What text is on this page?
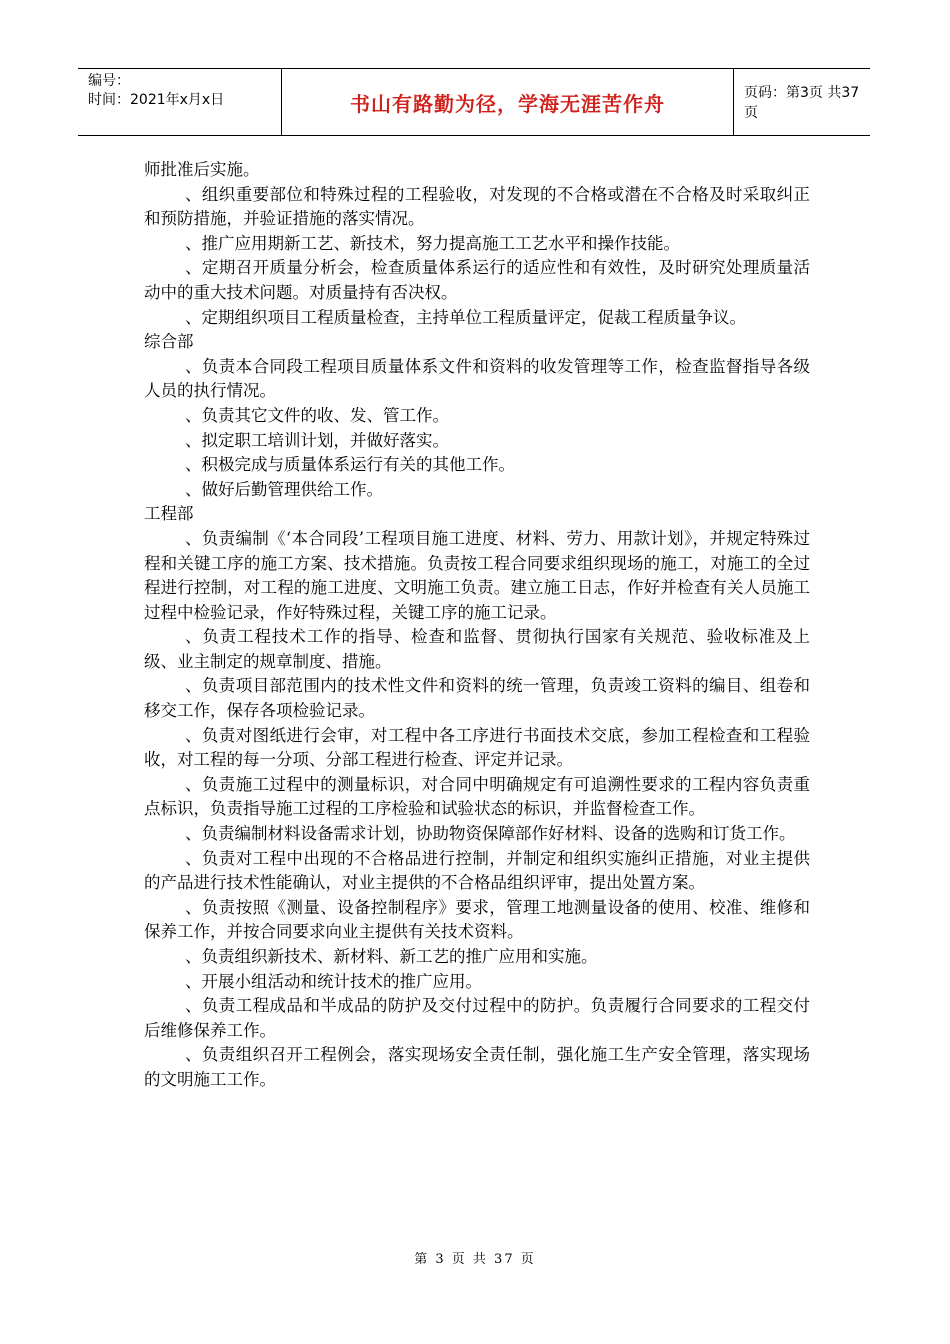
编号：
时间：2021年x月x日	书山有路勤为径，学海无涯苦作舟	页码：第3页 共37页

师批准后实施。

、组织重要部位和特殊过程的工程验收，对发现的不合格或潜在不合格及时采取纠正和预防措施，并验证措施的落实情况。

、推广应用期新工艺、新技术，努力提高施工工艺水平和操作技能。

、定期召开质量分析会，检查质量体系运行的适应性和有效性，及时研究处理质量活动中的重大技术问题。对质量持有否决权。

、定期组织项目工程质量检查，主持单位工程质量评定，促裁工程质量争议。

综合部

、负责本合同段工程项目质量体系文件和资料的收发管理等工作，检查监督指导各级人员的执行情况。

、负责其它文件的收、发、管工作。

、拟定职工培训计划，并做好落实。

、积极完成与质量体系运行有关的其他工作。

、做好后勤管理供给工作。

工程部

、负责编制《‘本合同段’工程项目施工进度、材料、劳力、用款计划》，并规定特殊过程和关键工序的施工方案、技术措施。负责按工程合同要求组织现场的施工，对施工的全过程进行控制，对工程的施工进度、文明施工负责。建立施工日志，作好并检查有关人员施工过程中检验记录，作好特殊过程，关键工序的施工记录。

、负责工程技术工作的指导、检查和监督、贯彻执行国家有关规范、验收标准及上级、业主制定的规章制度、措施。

、负责项目部范围内的技术性文件和资料的统一管理，负责竣工资料的编目、组卷和移交工作，保存各项检验记录。

、负责对图纸进行会审，对工程中各工序进行书面技术交底，参加工程检查和工程验收，对工程的每一分项、分部工程进行检查、评定并记录。

、负责施工过程中的测量标识，对合同中明确规定有可追溯性要求的工程内容负责重点标识，负责指导施工过程的工序检验和试验状态的标识，并监督检查工作。

、负责编制材料设备需求计划，协助物资保障部作好材料、设备的选购和订货工作。

、负责对工程中出现的不合格品进行控制，并制定和组织实施纠正措施，对业主提供的产品进行技术性能确认，对业主提供的不合格品组织评审，提出处置方案。

、负责按照《测量、设备控制程序》要求，管理工地测量设备的使用、校准、维修和保养工作，并按合同要求向业主提供有关技术资料。

、负责组织新技术、新材料、新工艺的推广应用和实施。

、开展小组活动和统计技术的推广应用。

、负责工程成品和半成品的防护及交付过程中的防护。负责履行合同要求的工程交付后维修保养工作。

、负责组织召开工程例会，落实现场安全责任制，强化施工生产安全管理，落实现场的文明施工工作。

第 3 页 共 37 页
